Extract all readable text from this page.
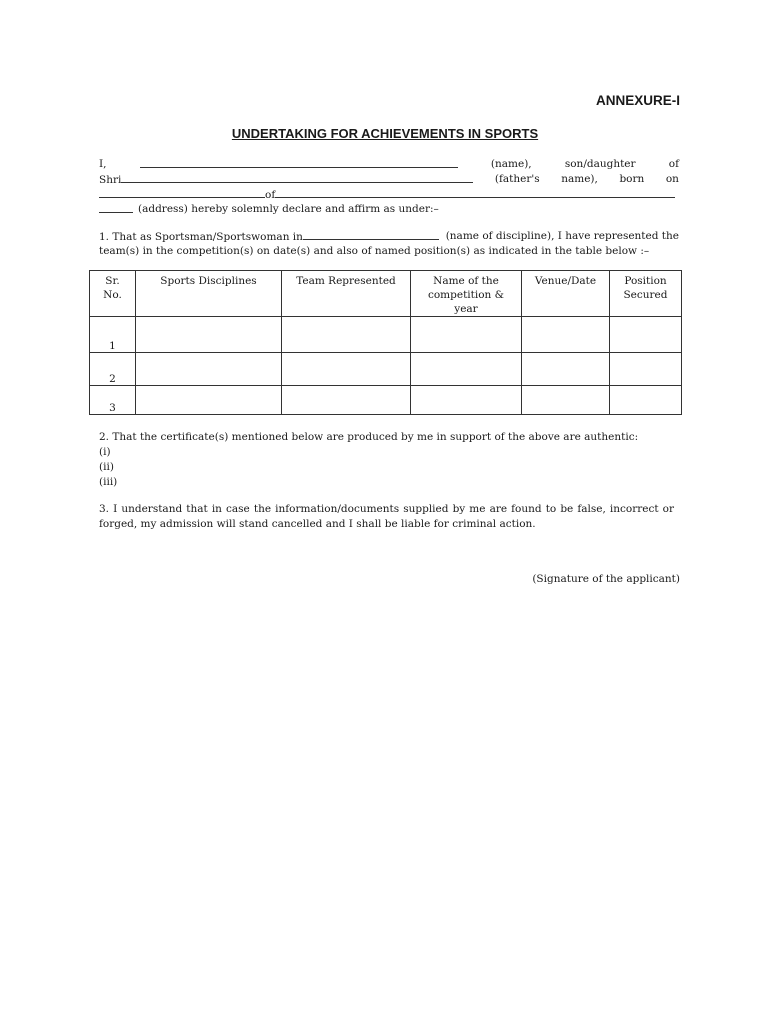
ANNEXURE-I
UNDERTAKING FOR ACHIEVEMENTS IN SPORTS
I,	(name),	son/daughter	of
Shri	(father's name), born on
of
(address) hereby solemnly declare and affirm as under:–
1. That as Sportsman/Sportswoman in	(name of discipline), I have represented the
team(s) in the competition(s) on date(s) and also of named position(s) as indicated in the table below :–
Sr. No.	Sports Disciplines	Team Represented	Name of the competition & year	Venue/Date	Position Secured
1					
2					
3					
2. That the certificate(s) mentioned below are produced by me in support of the above are authentic:
(i)
(ii)
(iii)
3. I understand that in case the information/documents supplied by me are found to be false, incorrect or forged, my admission will stand cancelled and I shall be liable for criminal action.
(Signature of the applicant)
